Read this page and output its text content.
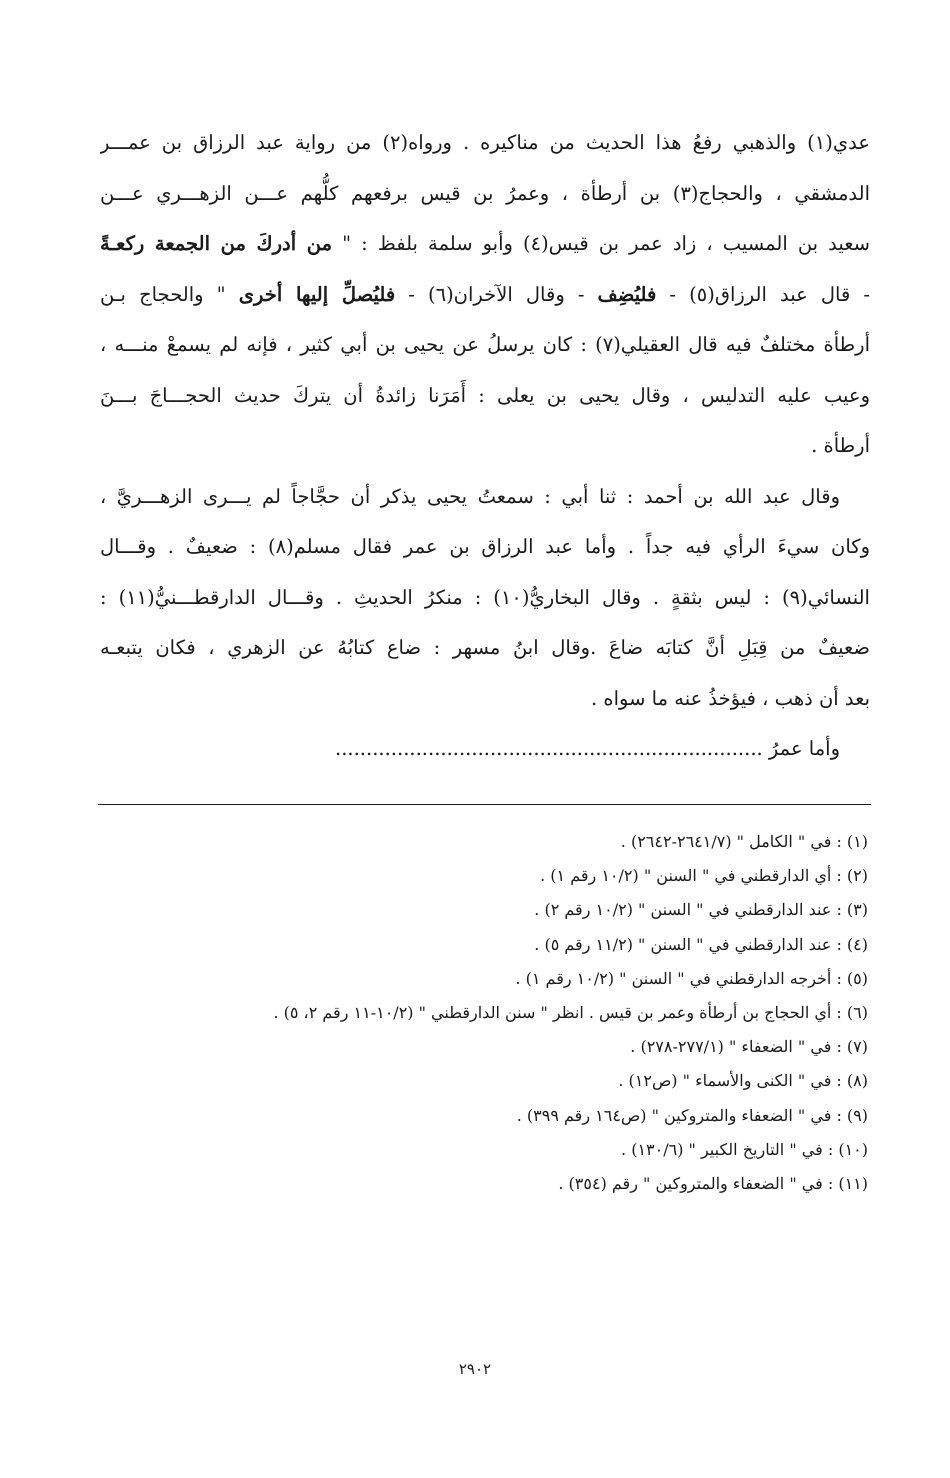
عدي(١) والذهبي رفعُ هذا الحديث من مناكيره . ورواه(٢) من رواية عبد الرزاق بن عمـــر
الدمشقي ، والحجاج(٣) بن أرطأة ، وعمرُ بن قيس برفعهم كلُّهم عـــن الزهـــري عـــن
سعيد بن المسيب ، زاد عمر بن قيس(٤) وأبو سلمة بلفظ : " من أدركَ من الجمعة ركعـةً
- قال عبد الرزاق(٥) - فليُضِف - وقال الآخران(٦) - فليُصلِّ إليها أخرى " والحجاج بـن
أرطأة مختلفٌ فيه قال العقيلي(٧) : كان يرسلُ عن يحيى بن أبي كثير ، فإنه لم يسمعْ منـــه ،
وعيب عليه التدليس ، وقال يحيى بن يعلى : أَمَرَنا زائدةُ أن يتركَ حديث الحجـــاجَ بـــنَ
أرطأة .
وقال عبد الله بن أحمد : ثنا أبي : سمعتُ يحيى يذكر أن حجَّاجاً لم يـــرى الزهـــريَّ ،
وكان سيءَ الرأي فيه جداً . وأما عبد الرزاق بن عمر فقال مسلم(٨) : ضعيفٌ . وقـــال
النسائي(٩) : ليس بثقةٍ . وقال البخاريُّ(١٠) : منكرُ الحديثِ . وقـــال الدارقطـــنيُّ(١١) :
ضعيفٌ من قِبَلِ أنَّ كتابَه ضاعَ .وقال ابنُ مسهر : ضاع كتابُهُ عن الزهري ، فكان يتبعـه
بعد أن ذهب ، فيؤخذُ عنه ما سواه .
وأما عمرُ .....................................................................
(١) : في " الكامل " (٢٦٤١/٧-٢٦٤٢) .
(٢) : أي الدارقطني في " السنن " (١٠/٢ رقم ١) .
(٣) : عند الدارقطني في " السنن " (١٠/٢ رقم ٢) .
(٤) : عند الدارقطني في " السنن " (١١/٢ رقم ٥) .
(٥) : أخرجه الدارقطني في " السنن " (١٠/٢ رقم ١) .
(٦) : أي الحجاج بن أرطأة وعمر بن قيس . انظر " سنن الدارقطني " (١٠/٢-١١ رقم ٢، ٥) .
(٧) : في " الضعفاء " (٢٧٧/١-٢٧٨) .
(٨) : في " الكنى والأسماء " (ص١٢) .
(٩) : في " الضعفاء والمتروكين " (ص١٦٤ رقم ٣٩٩) .
(١٠) : في " التاريخ الكبير " (١٣٠/٦) .
(١١) : في " الضعفاء والمتروكين " رقم (٣٥٤) .
٢٩٠٢
